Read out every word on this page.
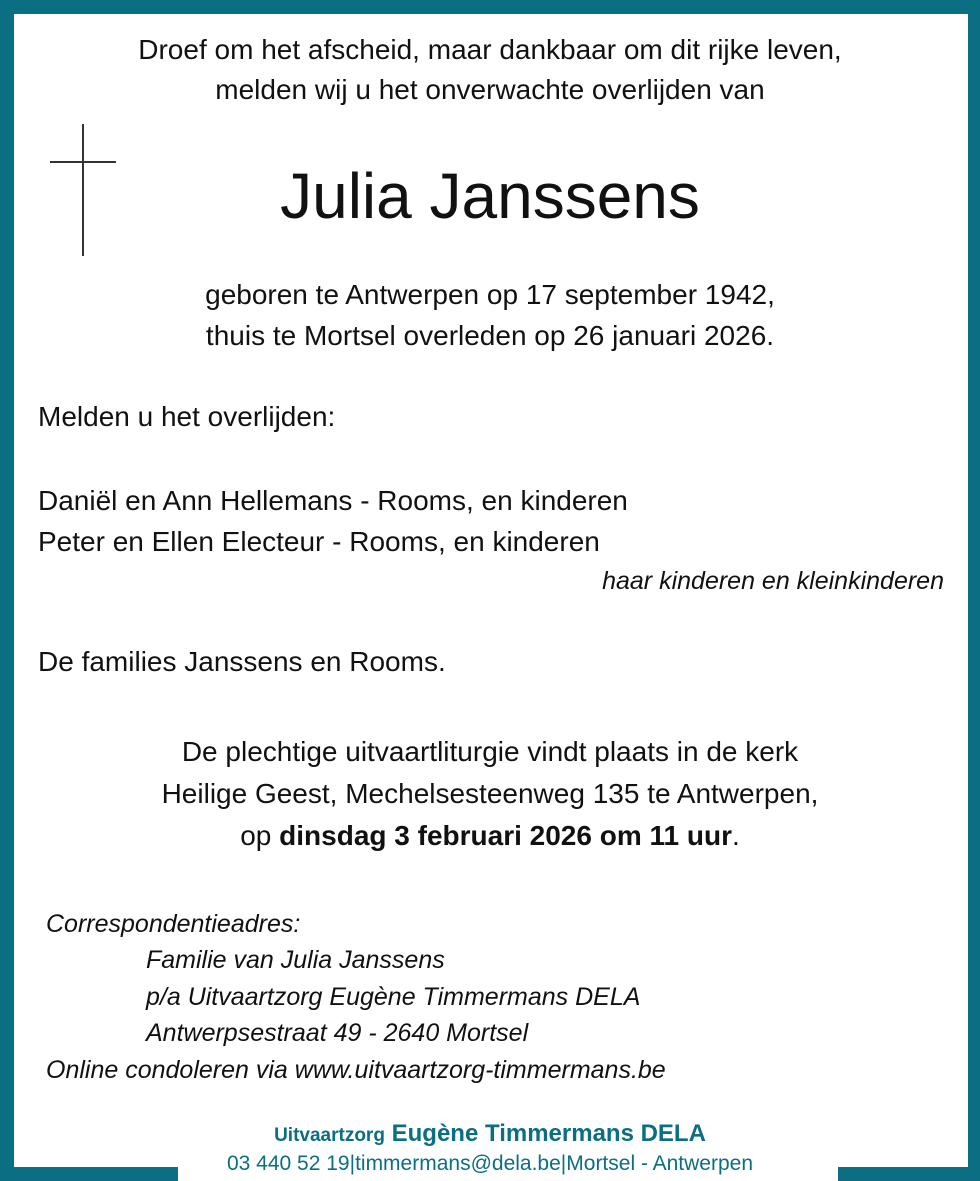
Droef om het afscheid, maar dankbaar om dit rijke leven,
melden wij u het onverwachte overlijden van
Julia Janssens
geboren te Antwerpen op 17 september 1942,
thuis te Mortsel overleden op 26 januari 2026.
Melden u het overlijden:
Daniël en Ann Hellemans - Rooms, en kinderen
Peter en Ellen Electeur - Rooms, en kinderen
haar kinderen en kleinkinderen
De families Janssens en Rooms.
De plechtige uitvaartliturgie vindt plaats in de kerk
Heilige Geest, Mechelsesteenweg 135 te Antwerpen,
op dinsdag 3 februari 2026 om 11 uur.
Correspondentieadres:
Familie van Julia Janssens
p/a Uitvaartzorg Eugène Timmermans DELA
Antwerpsestraat 49 - 2640 Mortsel
Online condoleren via www.uitvaartzorg-timmermans.be
Uitvaartzorg Eugène Timmermans DELA
03 440 52 19|timmermans@dela.be|Mortsel - Antwerpen
